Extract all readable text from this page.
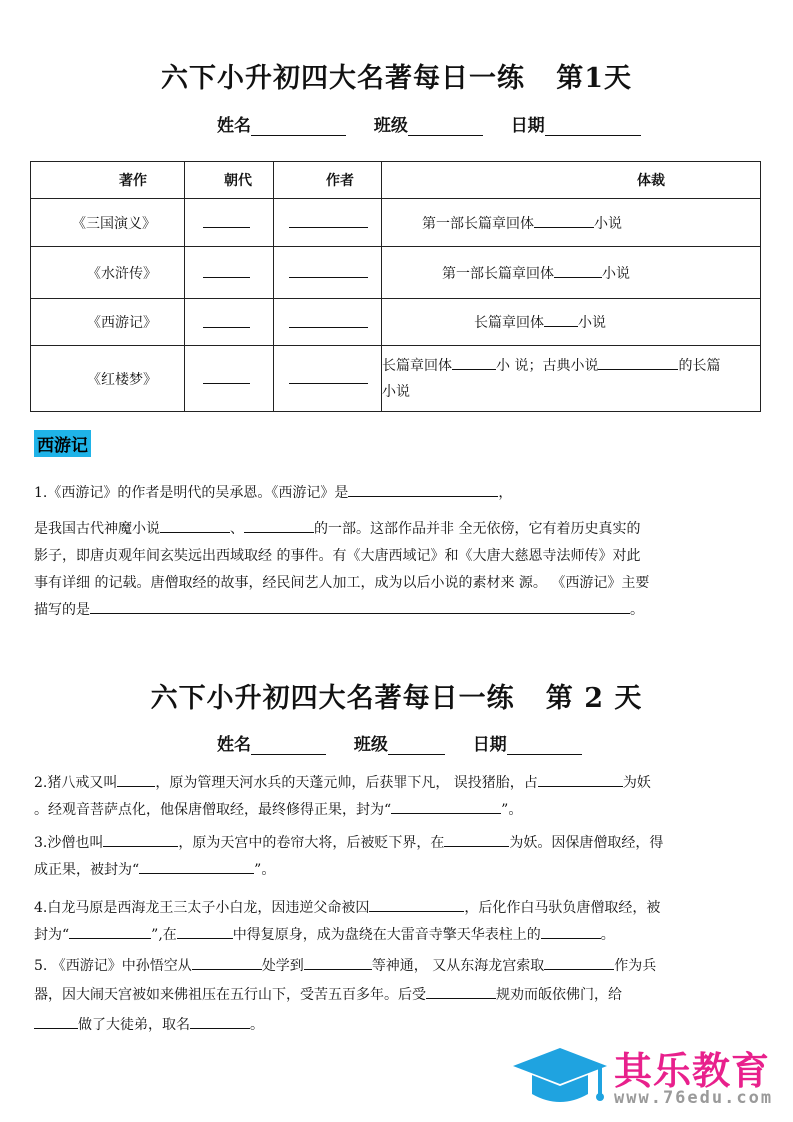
六下小升初四大名著每日一练   第1天
姓名	班级	日期
著作	朝代	作者	体裁
《三国演义》			第一部长篇章回体 小说
《水浒传》			第一部长篇章回体 小说
《西游记》			长篇章回体 小说
《红楼梦》			长篇章回体 小 说；古典小说 的长篇
小说
西游记
1.《西游记》的作者是明代的吴承恩。《西游记》是	，
是我国古代神魔小说	、	的一部。这部作品并非 全无依傍，它有着历史真实的
影子，即唐贞观年间玄奘远出西域取经 的事件。有《大唐西域记》和《大唐大慈恩寺法师传》对此
事有详细 的记载。唐僧取经的故事，经民间艺人加工，成为以后小说的素材来 源。 《西游记》主要
描写的是	。
六下小升初四大名著每日一练   第 2 天
姓名	班级	日期
2.猪八戒又叫	，原为管理天河水兵的天蓬元帅，后获罪下凡， 误投猪胎，占	为妖
。经观音菩萨点化，他保唐僧取经，最终修得正果，封为“	”。
3.沙僧也叫	，原为天宫中的卷帘大将，后被贬下界，在	为妖。因保唐僧取经，得
成正果，被封为“	”。
4.白龙马原是西海龙王三太子小白龙，因违逆父命被囚	，后化作白马驮负唐僧取经，被
封为“	”,在	中得复原身，成为盘绕在大雷音寺擎天华表柱上的	。
5. 《西游记》中孙悟空从	处学到	等神通， 又从东海龙宫索取	作为兵
器，因大闹天宫被如来佛祖压在五行山下，受苦五百多年。后受	规劝而皈依佛门，给
做了大徒弟，取名	。
其乐教育
www.76edu.com
